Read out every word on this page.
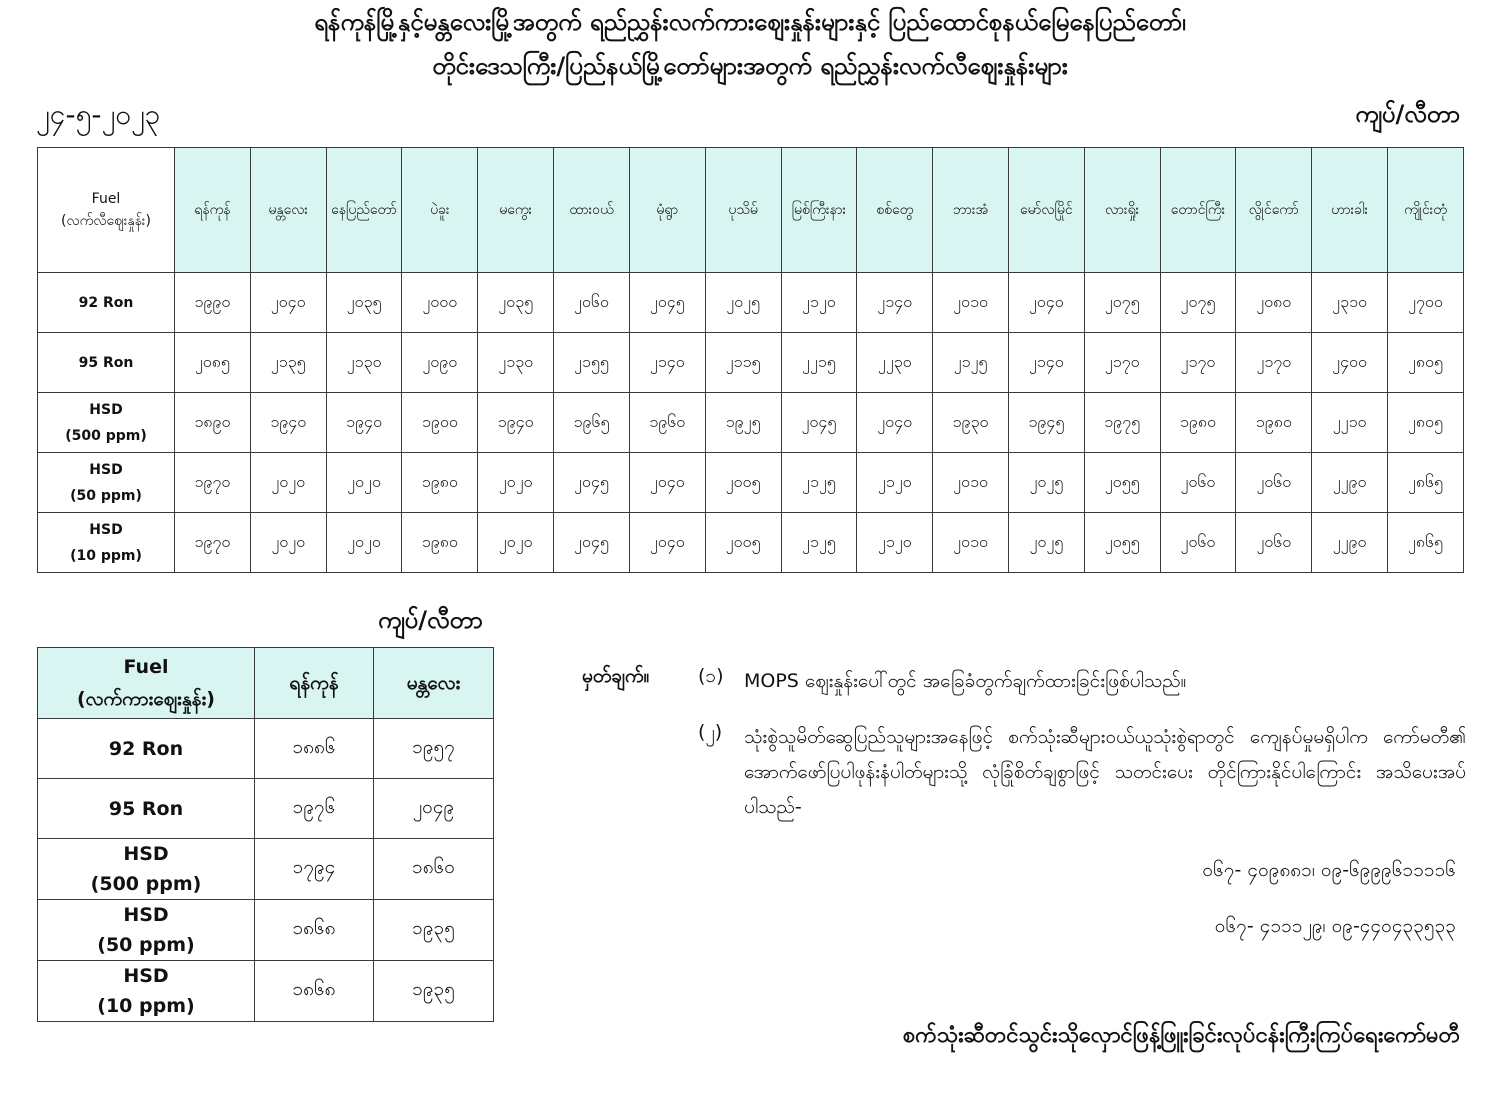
ရန်ကုန်မြို့နှင့်မန္တလေးမြို့အတွက် ရည်ညွှန်းလက်ကားဈေးနှုန်းများနှင့် ပြည်ထောင်စုနယ်မြေနေပြည်တော်၊
တိုင်းဒေသကြီး/ပြည်နယ်မြို့တော်များအတွက် ရည်ညွှန်းလက်လီဈေးနှုန်းများ
၂၄-၅-၂၀၂၃	ကျပ်/လီတာ
Fuel
(လက်လီဈေးနှုန်း)	ရန်ကုန်	မန္တလေး	နေပြည်တော်	ပဲခူး	မကွေး	ထားဝယ်	မုံရွာ	ပုသိမ်	မြစ်ကြီးနား	စစ်တွေ	ဘားအံ	မော်လမြိုင်	လားရှိုး	တောင်ကြီး	လွိုင်ကော်	ဟားခါး	ကျိုင်းတုံ
92 Ron	၁၉၉၀	၂၀၄၀	၂၀၃၅	၂၀၀၀	၂၀၃၅	၂၀၆၀	၂၀၄၅	၂၀၂၅	၂၁၂၀	၂၁၄၀	၂၀၁၀	၂၀၄၀	၂၀၇၅	၂၀၇၅	၂၀၈၀	၂၃၁၀	၂၇၀၀
95 Ron	၂၀၈၅	၂၁၃၅	၂၁၃၀	၂၀၉၀	၂၁၃၀	၂၁၅၅	၂၁၄၀	၂၁၁၅	၂၂၁၅	၂၂၃၀	၂၁၂၅	၂၁၄၀	၂၁၇၀	၂၁၇၀	၂၁၇၀	၂၄၀၀	၂၈၀၅
HSD
(500 ppm)	၁၈၉၀	၁၉၄၀	၁၉၄၀	၁၉၀၀	၁၉၄၀	၁၉၆၅	၁၉၆၀	၁၉၂၅	၂၀၄၅	၂၀၄၀	၁၉၃၀	၁၉၄၅	၁၉၇၅	၁၉၈၀	၁၉၈၀	၂၂၁၀	၂၈၀၅
HSD
(50 ppm)	၁၉၇၀	၂၀၂၀	၂၀၂၀	၁၉၈၀	၂၀၂၀	၂၀၄၅	၂၀၄၀	၂၀၀၅	၂၁၂၅	၂၁၂၀	၂၀၁၀	၂၀၂၅	၂၀၅၅	၂၀၆၀	၂၀၆၀	၂၂၉၀	၂၈၆၅
HSD
(10 ppm)	၁၉၇၀	၂၀၂၀	၂၀၂၀	၁၉၈၀	၂၀၂၀	၂၀၄၅	၂၀၄၀	၂၀၀၅	၂၁၂၅	၂၁၂၀	၂၀၁၀	၂၀၂၅	၂၀၅၅	၂၀၆၀	၂၀၆၀	၂၂၉၀	၂၈၆၅
ကျပ်/လီတာ
Fuel
(လက်ကားဈေးနှုန်း)	ရန်ကုန်	မန္တလေး
92 Ron	၁၈၈၆	၁၉၅၇
95 Ron	၁၉၇၆	၂၀၄၉
HSD
(500 ppm)	၁၇၉၄	၁၈၆၀
HSD
(50 ppm)	၁၈၆၈	၁၉၃၅
HSD
(10 ppm)	၁၈၆၈	၁၉၃၅
မှတ်ချက်။	(၁) MOPS ဈေးနှုန်းပေါ်တွင် အခြေခံတွက်ချက်ထားခြင်းဖြစ်ပါသည်။
(၂) သုံးစွဲသူမိတ်ဆွေပြည်သူများအနေဖြင့် စက်သုံးဆီများဝယ်ယူသုံးစွဲရာတွင် ကျေနပ်မှုမရှိပါက ကော်မတီ၏ အောက်ဖော်ပြပါဖုန်းနံပါတ်များသို့ လုံခြုံစိတ်ချစွာဖြင့် သတင်းပေး တိုင်ကြားနိုင်ပါကြောင်း အသိပေးအပ်ပါသည်-
၀၆၇- ၄၀၉၈၈၁၊ ၀၉-၆၉၉၉၆၁၁၁၁၆
၀၆၇- ၄၁၁၁၂၉၊ ၀၉-၄၄၀၄၃၃၅၃၃
စက်သုံးဆီတင်သွင်းသိုလှောင်ဖြန့်ဖြူးခြင်းလုပ်ငန်းကြီးကြပ်ရေးကော်မတီ
